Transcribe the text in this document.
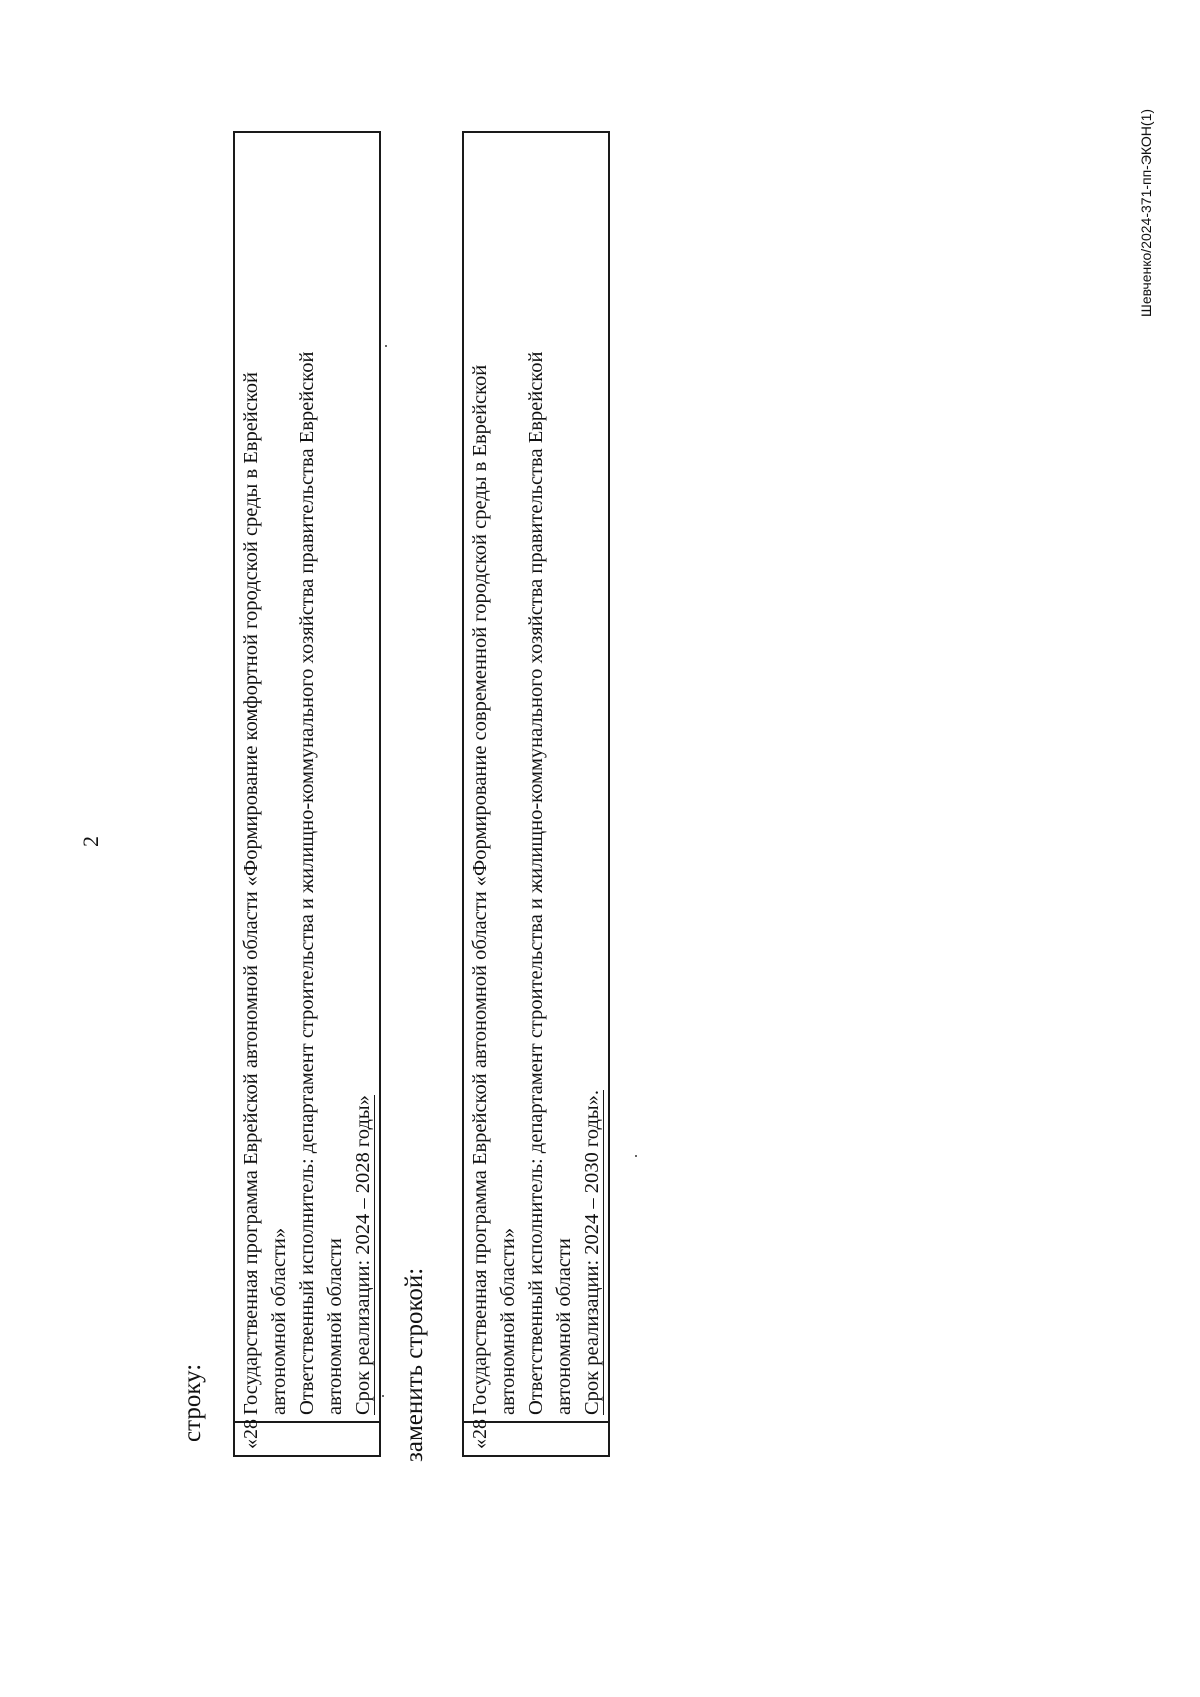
2
строку: «28
Государственная программа Еврейской автономной области «Формирование комфортной городской среды в Еврейской автономной области» Ответственный исполнитель: департамент строительства и жилищно-коммунального хозяйства правительства Еврейской автономной области Срок реализации: 2024 – 2028 годы» заменить строкой: «28
Государственная программа Еврейской автономной области «Формирование современной городской среды в Еврейской автономной области» Ответственный исполнитель: департамент строительства и жилищно-коммунального хозяйства правительства Еврейской автономной области Срок реализации: 2024 – 2030 годы».
Шевченко/2024-371-пп-ЭКОН(1)
